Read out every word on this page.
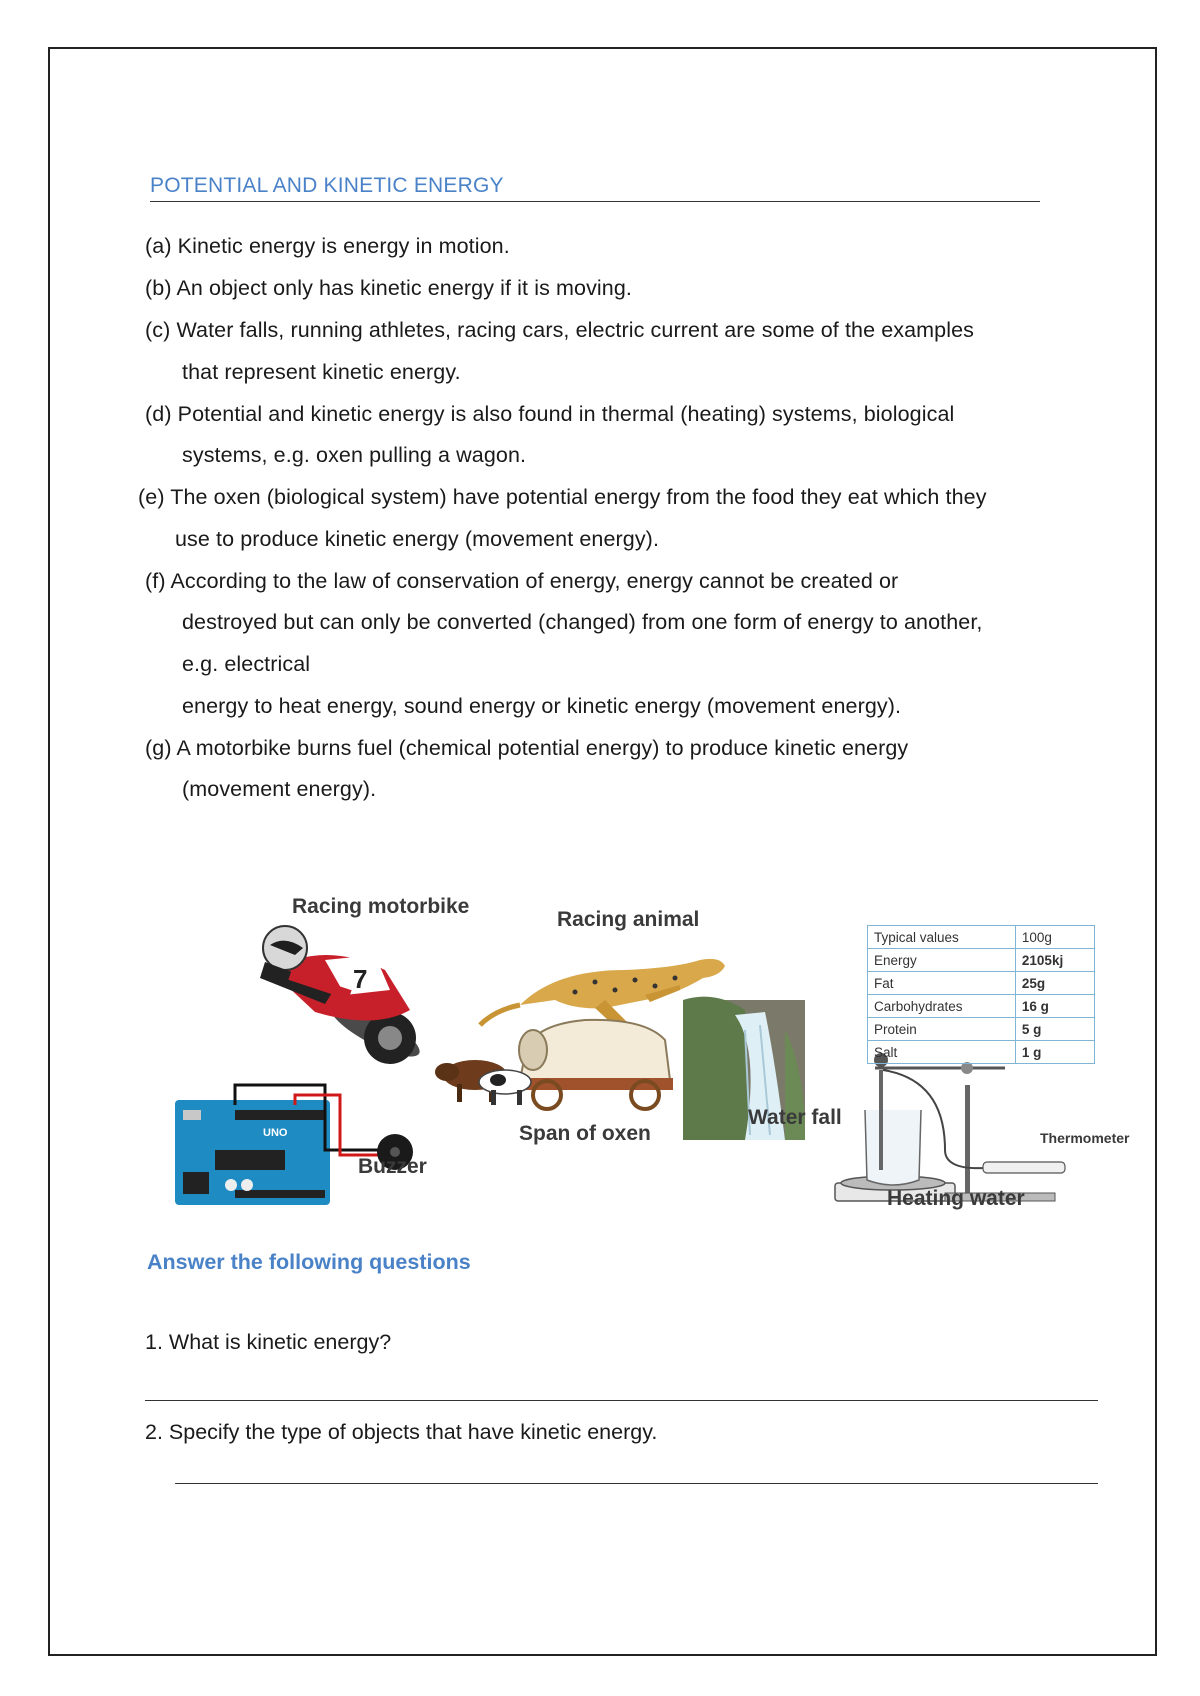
POTENTIAL AND KINETIC ENERGY
(a) Kinetic energy is energy in motion.
(b) An object only has kinetic energy if it is moving.
(c) Water falls, running athletes, racing cars, electric current are some of the examples
that represent kinetic energy.
(d) Potential and kinetic energy is also found in thermal (heating) systems, biological
systems, e.g. oxen pulling a wagon.
(e) The oxen (biological system) have potential energy from the food they eat which they
use to produce kinetic energy (movement energy).
(f) According to the law of conservation of energy, energy cannot be created or
destroyed but can only be converted (changed) from one form of energy to another,
e.g. electrical
energy to heat energy, sound energy or kinetic energy (movement energy).
(g) A motorbike burns fuel (chemical potential energy) to produce kinetic energy
(movement energy).
7
UNO
Racing motorbike
Racing animal
Span of oxen
Water fall
Buzzer
Thermometer
Heating water
Typical values	100g
Energy	2105kj
Fat	25g
Carbohydrates	16 g
Protein	5 g
Salt	1 g
Answer the following questions
1. What is kinetic energy?
2. Specify the type of objects that have kinetic energy.
